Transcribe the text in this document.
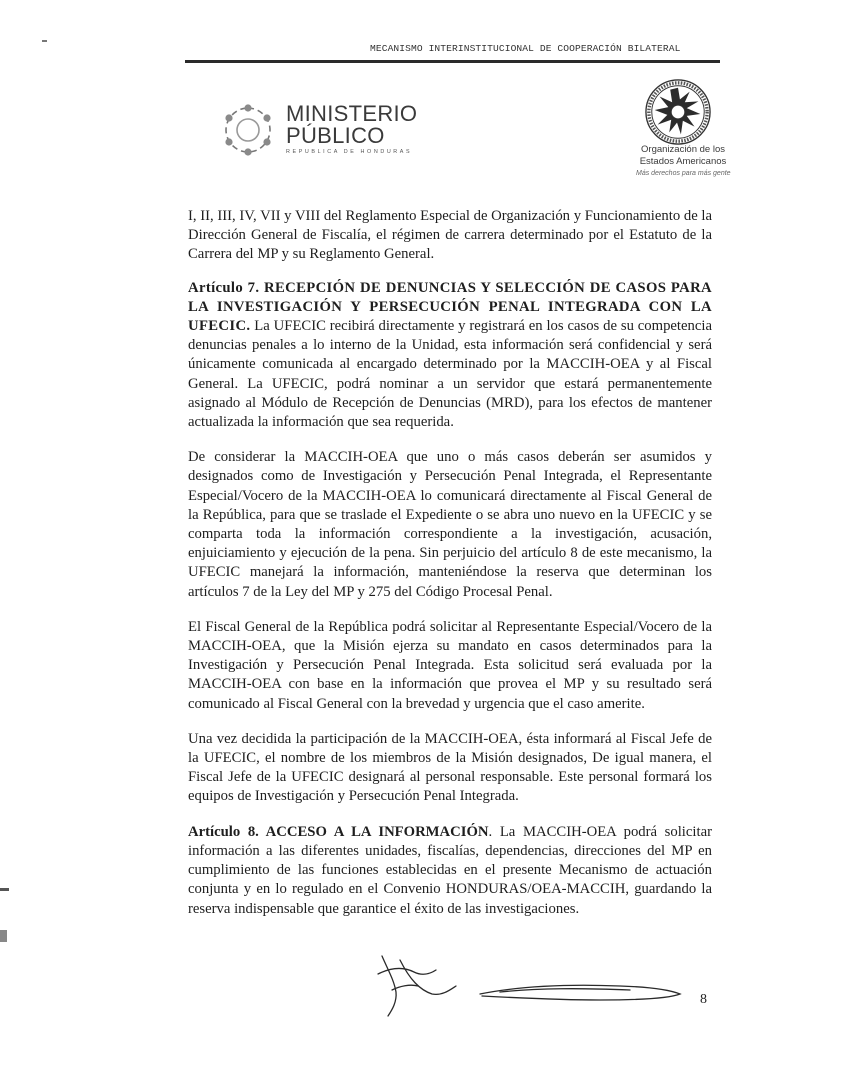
MECANISMO INTERINSTITUCIONAL DE COOPERACIÓN BILATERAL
MINISTERIO
PÚBLICO
REPUBLICA DE HONDURAS	Organización de los
Estados Americanos
Más derechos para más gente

I, II, III, IV, VII y VIII del Reglamento Especial de Organización y Funcionamiento de la Dirección General de Fiscalía, el régimen de carrera determinado por el Estatuto de la Carrera del MP y su Reglamento General.

Artículo 7. RECEPCIÓN DE DENUNCIAS Y SELECCIÓN DE CASOS PARA LA INVESTIGACIÓN Y PERSECUCIÓN PENAL INTEGRADA CON LA UFECIC. La UFECIC recibirá directamente y registrará en los casos de su competencia denuncias penales a lo interno de la Unidad, esta información será confidencial y será únicamente comunicada al encargado determinado por la MACCIH-OEA y al Fiscal General. La UFECIC, podrá nominar a un servidor que estará permanentemente asignado al Módulo de Recepción de Denuncias (MRD), para los efectos de mantener actualizada la información que sea requerida.

De considerar la MACCIH-OEA que uno o más casos deberán ser asumidos y designados como de Investigación y Persecución Penal Integrada, el Representante Especial/Vocero de la MACCIH-OEA lo comunicará directamente al Fiscal General de la República, para que se traslade el Expediente o se abra uno nuevo en la UFECIC y se comparta toda la información correspondiente a la investigación, acusación, enjuiciamiento y ejecución de la pena. Sin perjuicio del artículo 8 de este mecanismo, la UFECIC manejará la información, manteniéndose la reserva que determinan los artículos 7 de la Ley del MP y 275 del Código Procesal Penal.

El Fiscal General de la República podrá solicitar al Representante Especial/Vocero de la MACCIH-OEA, que la Misión ejerza su mandato en casos determinados para la Investigación y Persecución Penal Integrada. Esta solicitud será evaluada por la MACCIH-OEA con base en la información que provea el MP y su resultado será comunicado al Fiscal General con la brevedad y urgencia que el caso amerite.

Una vez decidida la participación de la MACCIH-OEA, ésta informará al Fiscal Jefe de la UFECIC, el nombre de los miembros de la Misión designados, De igual manera, el Fiscal Jefe de la UFECIC designará al personal responsable. Este personal formará los equipos de Investigación y Persecución Penal Integrada.

Artículo 8. ACCESO A LA INFORMACIÓN. La MACCIH-OEA podrá solicitar información a las diferentes unidades, fiscalías, dependencias, direcciones del MP en cumplimiento de las funciones establecidas en el presente Mecanismo de actuación conjunta y en lo regulado en el Convenio HONDURAS/OEA-MACCIH, guardando la reserva indispensable que garantice el éxito de las investigaciones.

8
